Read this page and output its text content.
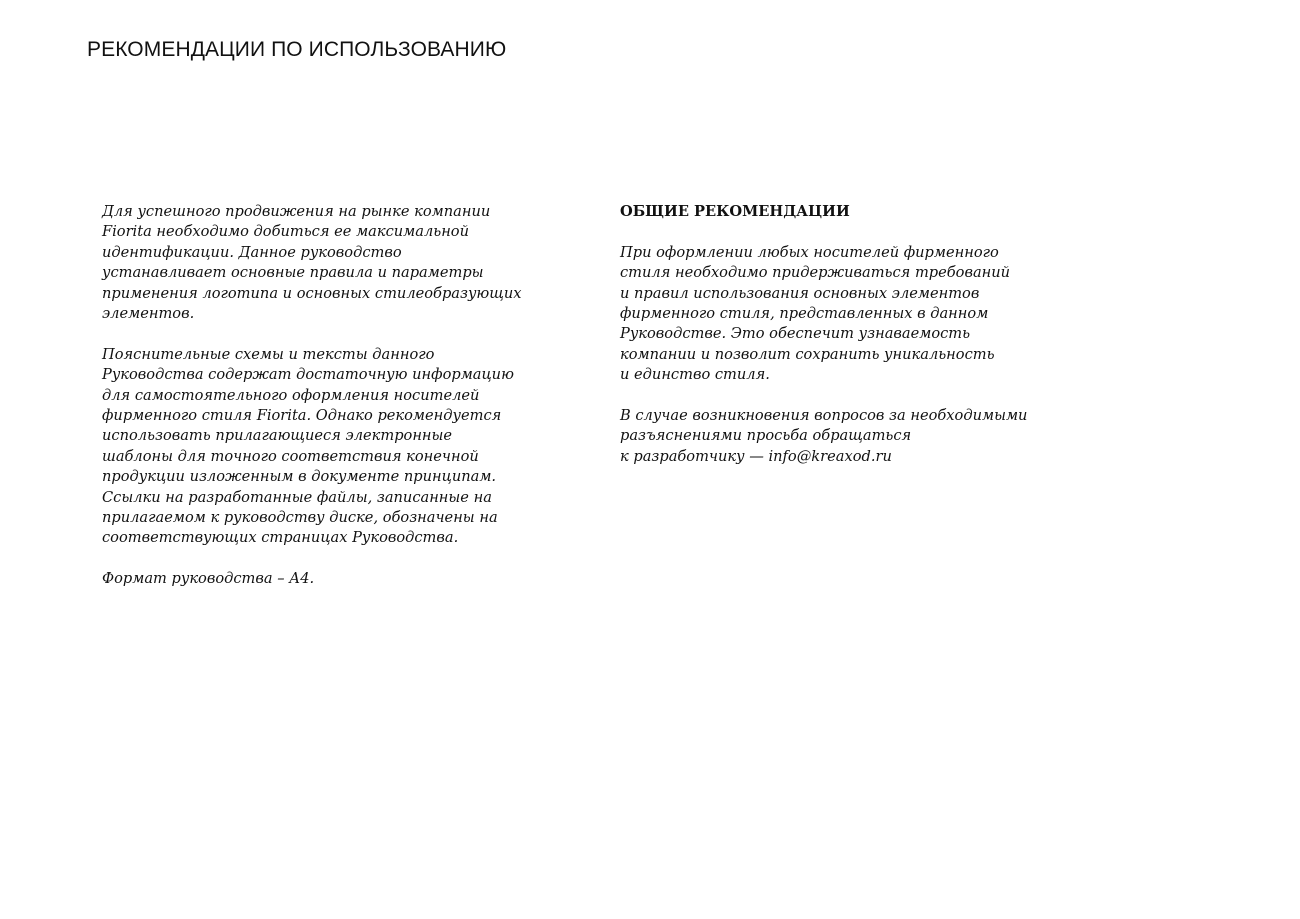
РЕКОМЕНДАЦИИ ПО ИСПОЛЬЗОВАНИЮ

Для успешного продвижения на рынке компании
Fiorita необходимо добиться ее максимальной
идентификации. Данное руководство
устанавливает основные правила и параметры
применения логотипа и основных стилеобразующих
элементов.

Пояснительные схемы и тексты данного
Руководства содержат достаточную информацию
для самостоятельного оформления носителей
фирменного стиля Fiorita. Однако рекомендуется
использовать прилагающиеся электронные
шаблоны для точного соответствия конечной
продукции изложенным в документе принципам.
Ссылки на разработанные файлы, записанные на
прилагаемом к руководству диске, обозначены на
соответствующих страницах Руководства.

Формат руководства – А4.

ОБЩИЕ РЕКОМЕНДАЦИИ

При оформлении любых носителей фирменного
стиля необходимо придерживаться требований
и правил использования основных элементов
фирменного стиля, представленных в данном
Руководстве. Это обеспечит узнаваемость
компании и позволит сохранить уникальность
и единство стиля.

В случае возникновения вопросов за необходимыми
разъяснениями просьба обращаться
к разработчику — info@kreaxod.ru
